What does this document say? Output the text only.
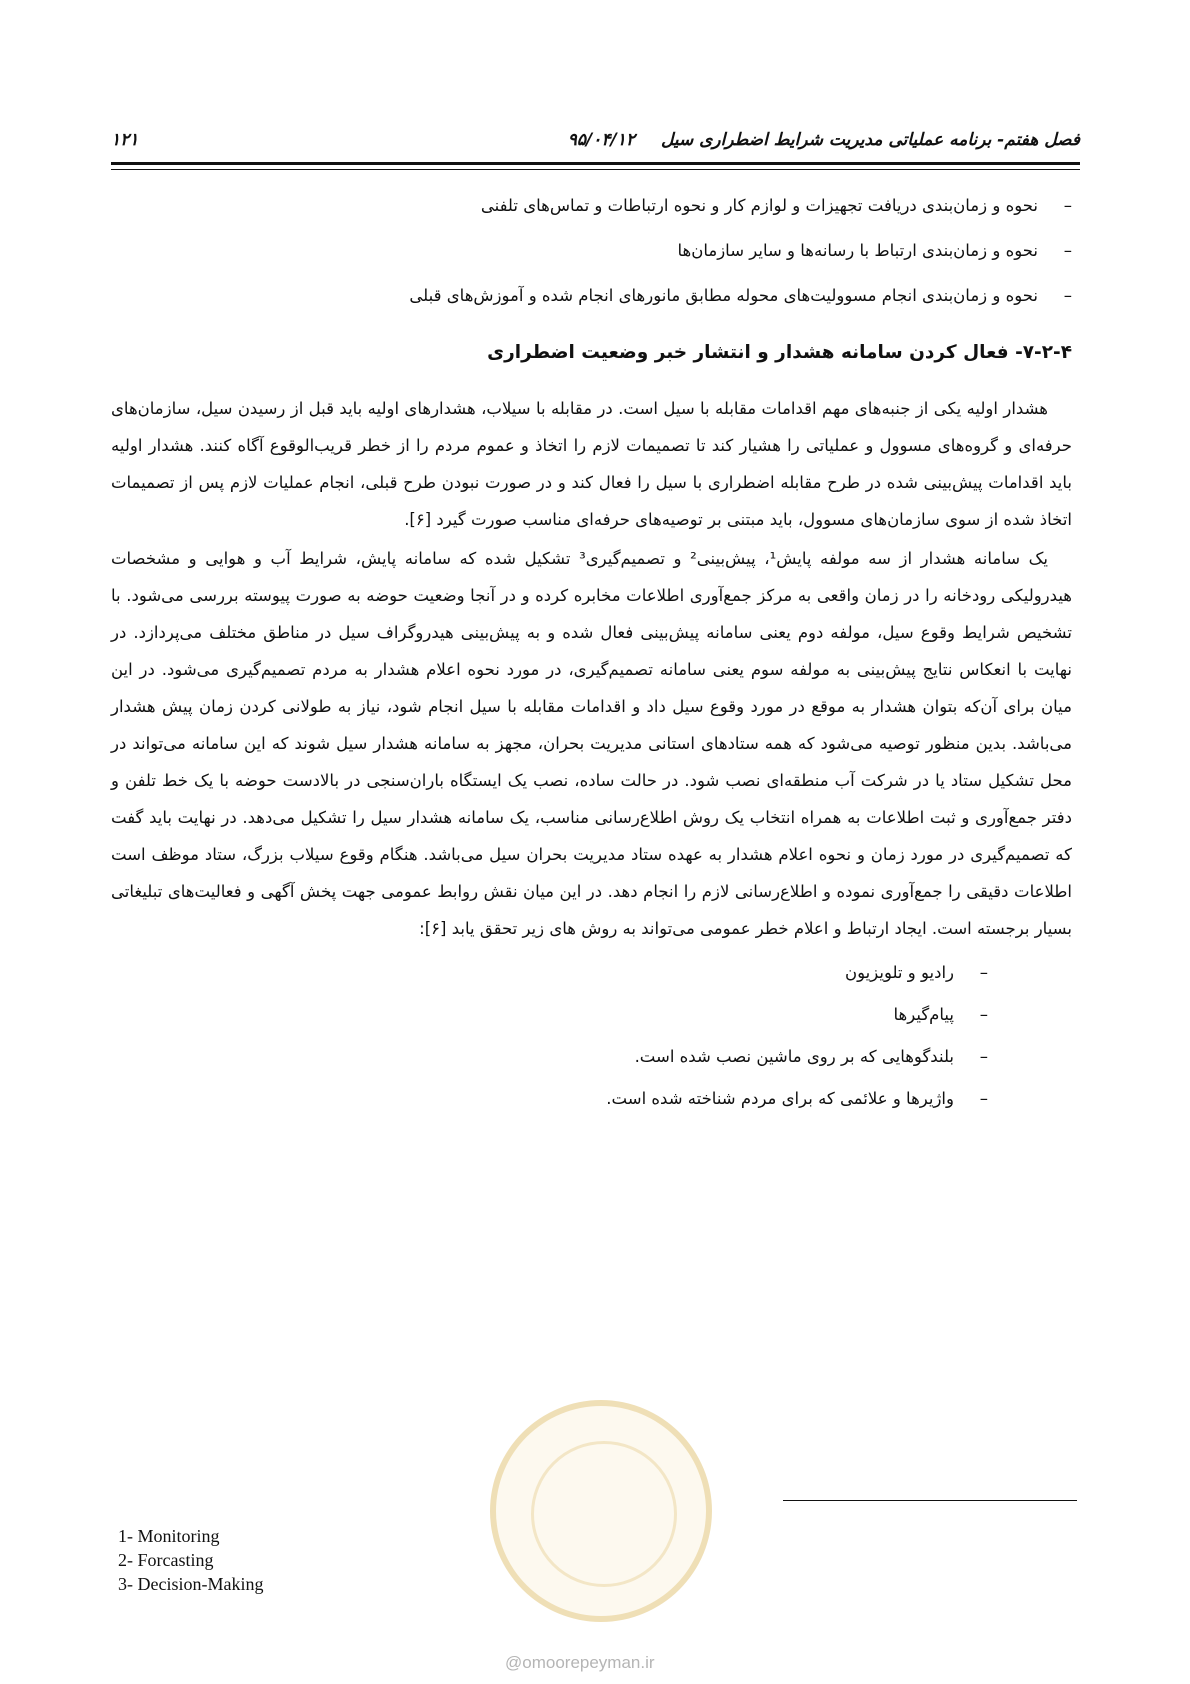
فصل هفتم- برنامه عملیاتی مدیریت شرایط اضطراری سیل
۹۵/۰۴/۱۲
۱۲۱
–
نحوه و زمان‌بندی دریافت تجهیزات و لوازم کار و نحوه ارتباطات و تماس‌های تلفنی
–
نحوه و زمان‌بندی ارتباط با رسانه‌ها و سایر سازمان‌ها
–
نحوه و زمان‌بندی انجام مسوولیت‌های محوله مطابق مانورهای انجام شده و آموزش‌های قبلی
۷-۲-۴- فعال کردن سامانه هشدار و انتشار خبر وضعیت اضطراری

هشدار اولیه یکی از جنبه‌های مهم اقدامات مقابله با سیل است. در مقابله با سیلاب، هشدارهای اولیه باید قبل از رسیدن سیل، سازمان‌های حرفه‌ای و گروه‌های مسوول و عملیاتی را هشیار کند تا تصمیمات لازم را اتخاذ و عموم مردم را از خطر قریب‌الوقوع آگاه کنند. هشدار اولیه باید اقدامات پیش‌بینی شده در طرح مقابله اضطراری با سیل را فعال کند و در صورت نبودن طرح قبلی، انجام عملیات لازم پس از تصمیمات اتخاذ شده از سوی سازمان‌های مسوول، باید مبتنی بر توصیه‌های حرفه‌ای مناسب صورت گیرد [۶].

یک سامانه هشدار از سه مولفه پایش¹، پیش‌بینی² و تصمیم‌گیری³ تشکیل شده که سامانه پایش، شرایط آب و هوایی و مشخصات هیدرولیکی رودخانه را در زمان واقعی به مرکز جمع‌آوری اطلاعات مخابره کرده و در آنجا وضعیت حوضه به صورت پیوسته بررسی می‌شود. با تشخیص شرایط وقوع سیل، مولفه دوم یعنی سامانه پیش‌بینی فعال شده و به پیش‌بینی هیدروگراف سیل در مناطق مختلف می‌پردازد. در نهایت با انعکاس نتایج پیش‌بینی به مولفه سوم یعنی سامانه تصمیم‌گیری، در مورد نحوه اعلام هشدار به مردم تصمیم‌گیری می‌شود. در این میان برای آن‌که بتوان هشدار به موقع در مورد وقوع سیل داد و اقدامات مقابله با سیل انجام شود، نیاز به طولانی کردن زمان پیش هشدار می‌باشد. بدین منظور توصیه می‌شود که همه ستادهای استانی مدیریت بحران، مجهز به سامانه هشدار سیل شوند که این سامانه می‌تواند در محل تشکیل ستاد یا در شرکت آب منطقه‌ای نصب شود. در حالت ساده، نصب یک ایستگاه باران‌سنجی در بالادست حوضه با یک خط تلفن و دفتر جمع‌آوری و ثبت اطلاعات به همراه انتخاب یک روش اطلاع‌رسانی مناسب، یک سامانه هشدار سیل را تشکیل می‌دهد. در نهایت باید گفت که تصمیم‌گیری در مورد زمان و نحوه اعلام هشدار به عهده ستاد مدیریت بحران سیل می‌باشد. هنگام وقوع سیلاب بزرگ، ستاد موظف است اطلاعات دقیقی را جمع‌آوری نموده و اطلاع‌رسانی لازم را انجام دهد. در این میان نقش روابط عمومی جهت پخش آگهی و فعالیت‌های تبلیغاتی بسیار برجسته است. ایجاد ارتباط و اعلام خطر عمومی می‌تواند به روش های زیر تحقق یابد [۶]:

–
رادیو و تلویزیون
–
پیام‌گیرها
–
بلندگوهایی که بر روی ماشین نصب شده است.
–
واژیرها و علائمی که برای مردم شناخته شده است.
1- Monitoring
2- Forcasting
3- Decision-Making
@omoorepeyman.ir
